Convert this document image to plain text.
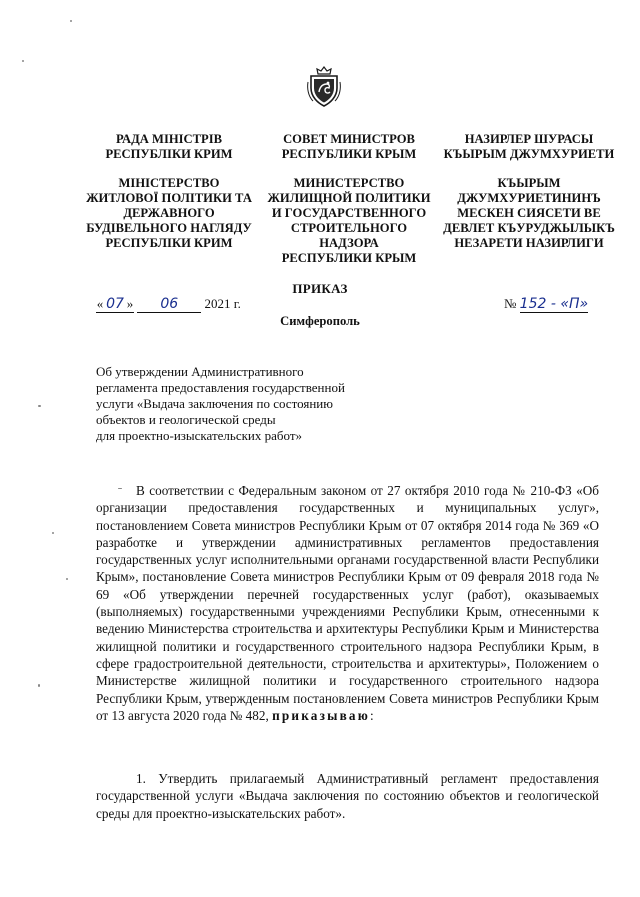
РАДА МІНІСТРІВ
РЕСПУБЛІКИ КРИМ
МІНІСТЕРСТВО
ЖИТЛОВОЇ ПОЛІТИКИ ТА
ДЕРЖАВНОГО
БУДІВЕЛЬНОГО НАГЛЯДУ
РЕСПУБЛІКИ КРИМ
СОВЕТ МИНИСТРОВ
РЕСПУБЛИКИ КРЫМ
МИНИСТЕРСТВО
ЖИЛИЩНОЙ ПОЛИТИКИ
И ГОСУДАРСТВЕННОГО
СТРОИТЕЛЬНОГО
НАДЗОРА
РЕСПУБЛИКИ КРЫМ
НАЗИРЛЕР ШУРАСЫ
КЪЫРЫМ ДЖУМХУРИЕТИ
КЪЫРЫМ
ДЖУМХУРИЕТИНИНЪ
МЕСКЕН СИЯСЕТИ ВЕ
ДЕВЛЕТ КЪУРУДЖЫЛЫКЪ
НЕЗАРЕТИ НАЗИРЛИГИ
ПРИКАЗ
« 07 » 06 2021 г.	№ 152 - «П»
Симферополь
Об утверждении Административного
регламента предоставления государственной
услуги «Выдача заключения по состоянию
объектов и геологической среды
для проектно-изыскательских работ»
В соответствии с Федеральным законом от 27 октября 2010 года № 210-ФЗ «Об организации предоставления государственных и муниципальных услуг», постановлением Совета министров Республики Крым от 07 октября 2014 года № 369 «О разработке и утверждении административных регламентов предоставления государственных услуг исполнительными органами государственной власти Республики Крым», постановление Совета министров Республики Крым от 09 февраля 2018 года № 69 «Об утверждении перечней государственных услуг (работ), оказываемых (выполняемых) государственными учреждениями Республики Крым, отнесенными к ведению Министерства строительства и архитектуры Республики Крым и Министерства жилищной политики и государственного строительного надзора Республики Крым, в сфере градостроительной деятельности, строительства и архитектуры», Положением о Министерстве жилищной политики и государственного строительного надзора Республики Крым, утвержденным постановлением Совета министров Республики Крым от 13 августа 2020 года № 482, приказываю:
1. Утвердить прилагаемый Административный регламент предоставления государственной услуги «Выдача заключения по состоянию объектов и геологической среды для проектно-изыскательских работ».
